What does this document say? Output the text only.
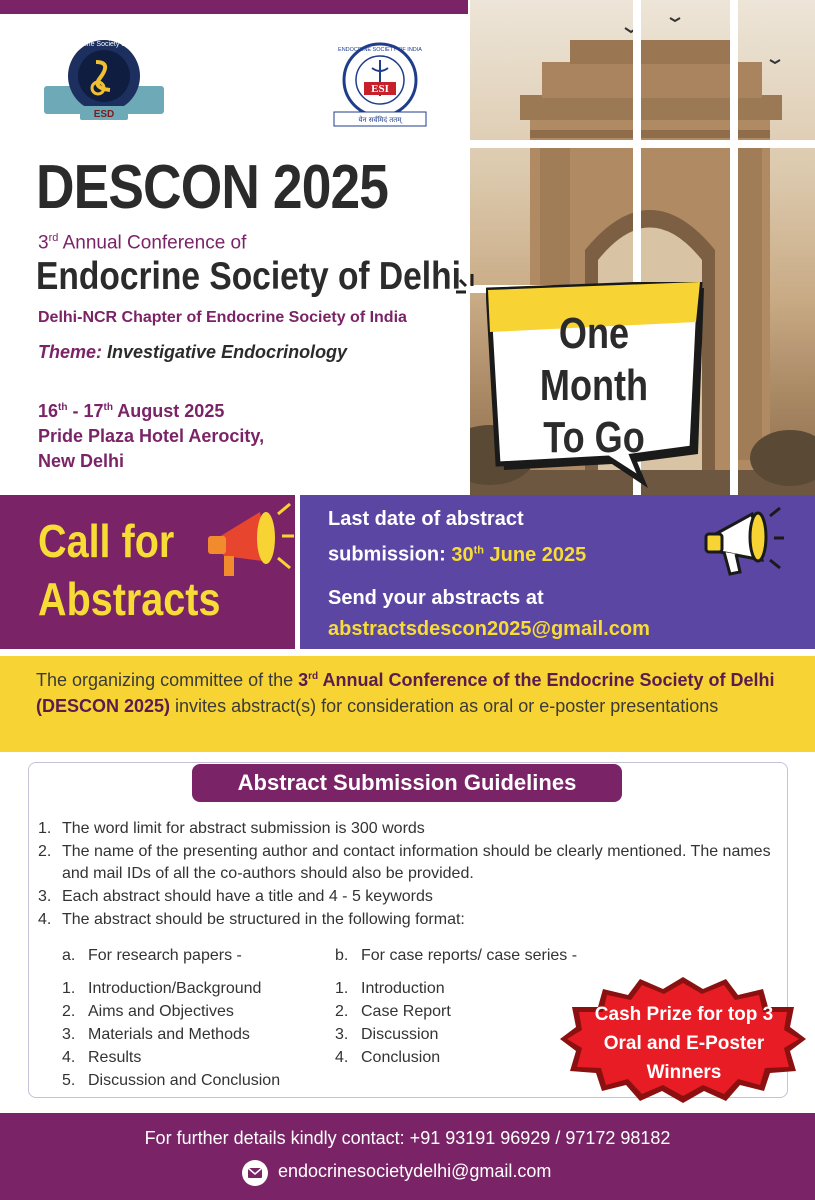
ESD
Endocrine Society of Delhi
ESI
ENDOCRINE SOCIETY OF INDIA
येन सर्वमिदं ततम्
DESCON 2025
3rd Annual Conference of
Endocrine Society of Delhi
Delhi-NCR Chapter of Endocrine Society of India
Theme: Investigative Endocrinology
16th - 17th August 2025
Pride Plaza Hotel Aerocity,
New Delhi
One
Month
To Go
Call for
Abstracts
Last date of abstract
submission: 30th June 2025
Send your abstracts at
abstractsdescon2025@gmail.com
The organizing committee of the 3rd Annual Conference of the Endocrine Society of Delhi (DESCON 2025) invites abstract(s) for consideration as oral or e-poster presentations
Abstract Submission Guidelines
1. The word limit for abstract submission is 300 words
2. The name of the presenting author and contact information should be clearly mentioned. The names and mail IDs of all the co-authors should also be provided.
3. Each abstract should have a title and 4 - 5 keywords
4. The abstract should be structured in the following format:
a. For research papers -
1. Introduction/Background
2. Aims and Objectives
3. Materials and Methods
4. Results
5. Discussion and Conclusion
b. For case reports/ case series -
1. Introduction
2. Case Report
3. Discussion
4. Conclusion
Cash Prize for top 3
Oral and E-Poster
Winners
For further details kindly contact: +91 93191 96929 / 97172 98182
endocrinesocietydelhi@gmail.com
